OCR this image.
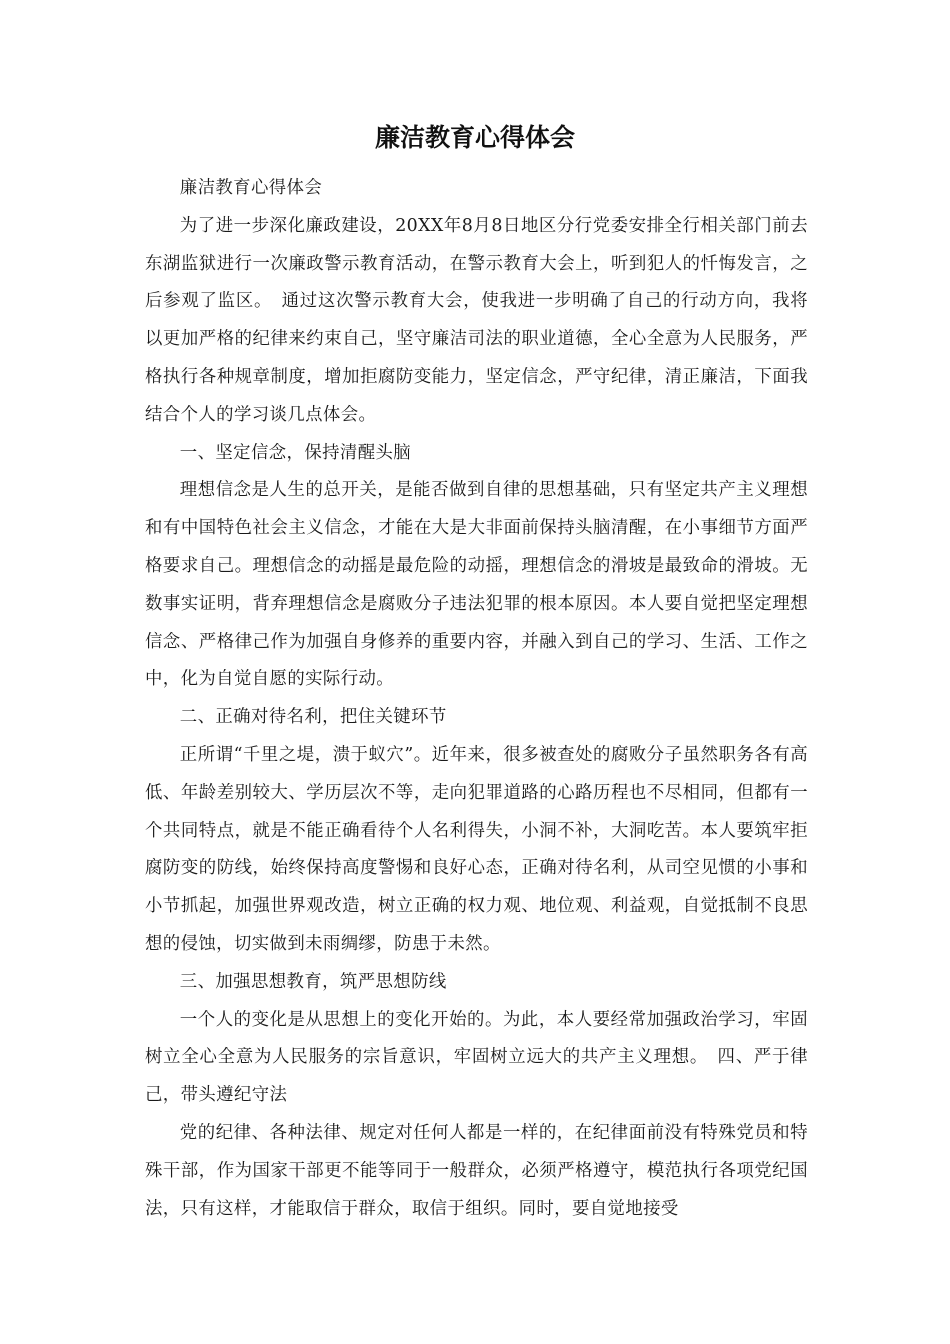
廉洁教育心得体会

廉洁教育心得体会

为了进一步深化廉政建设，20XX年8月8日地区分行党委安排全行相关部门前去东湖监狱进行一次廉政警示教育活动，在警示教育大会上，听到犯人的忏悔发言，之后参观了监区。　通过这次警示教育大会，使我进一步明确了自己的行动方向，我将以更加严格的纪律来约束自己，坚守廉洁司法的职业道德，全心全意为人民服务，严格执行各种规章制度，增加拒腐防变能力，坚定信念，严守纪律，清正廉洁，下面我结合个人的学习谈几点体会。

一、坚定信念，保持清醒头脑

理想信念是人生的总开关，是能否做到自律的思想基础，只有坚定共产主义理想和有中国特色社会主义信念，才能在大是大非面前保持头脑清醒，在小事细节方面严格要求自己。理想信念的动摇是最危险的动摇，理想信念的滑坡是最致命的滑坡。无数事实证明，背弃理想信念是腐败分子违法犯罪的根本原因。本人要自觉把坚定理想信念、严格律己作为加强自身修养的重要内容，并融入到自己的学习、生活、工作之中，化为自觉自愿的实际行动。

二、正确对待名利，把住关键环节

正所谓“千里之堤，溃于蚁穴”。近年来，很多被查处的腐败分子虽然职务各有高低、年龄差别较大、学历层次不等，走向犯罪道路的心路历程也不尽相同，但都有一个共同特点，就是不能正确看待个人名利得失，小洞不补，大洞吃苦。本人要筑牢拒腐防变的防线，始终保持高度警惕和良好心态，正确对待名利，从司空见惯的小事和小节抓起，加强世界观改造，树立正确的权力观、地位观、利益观，自觉抵制不良思想的侵蚀，切实做到未雨绸缪，防患于未然。

三、加强思想教育，筑严思想防线

一个人的变化是从思想上的变化开始的。为此，本人要经常加强政治学习，牢固树立全心全意为人民服务的宗旨意识，牢固树立远大的共产主义理想。　四、严于律己，带头遵纪守法

党的纪律、各种法律、规定对任何人都是一样的，在纪律面前没有特殊党员和特殊干部，作为国家干部更不能等同于一般群众，必须严格遵守，模范执行各项党纪国法，只有这样，才能取信于群众，取信于组织。同时，要自觉地接受
